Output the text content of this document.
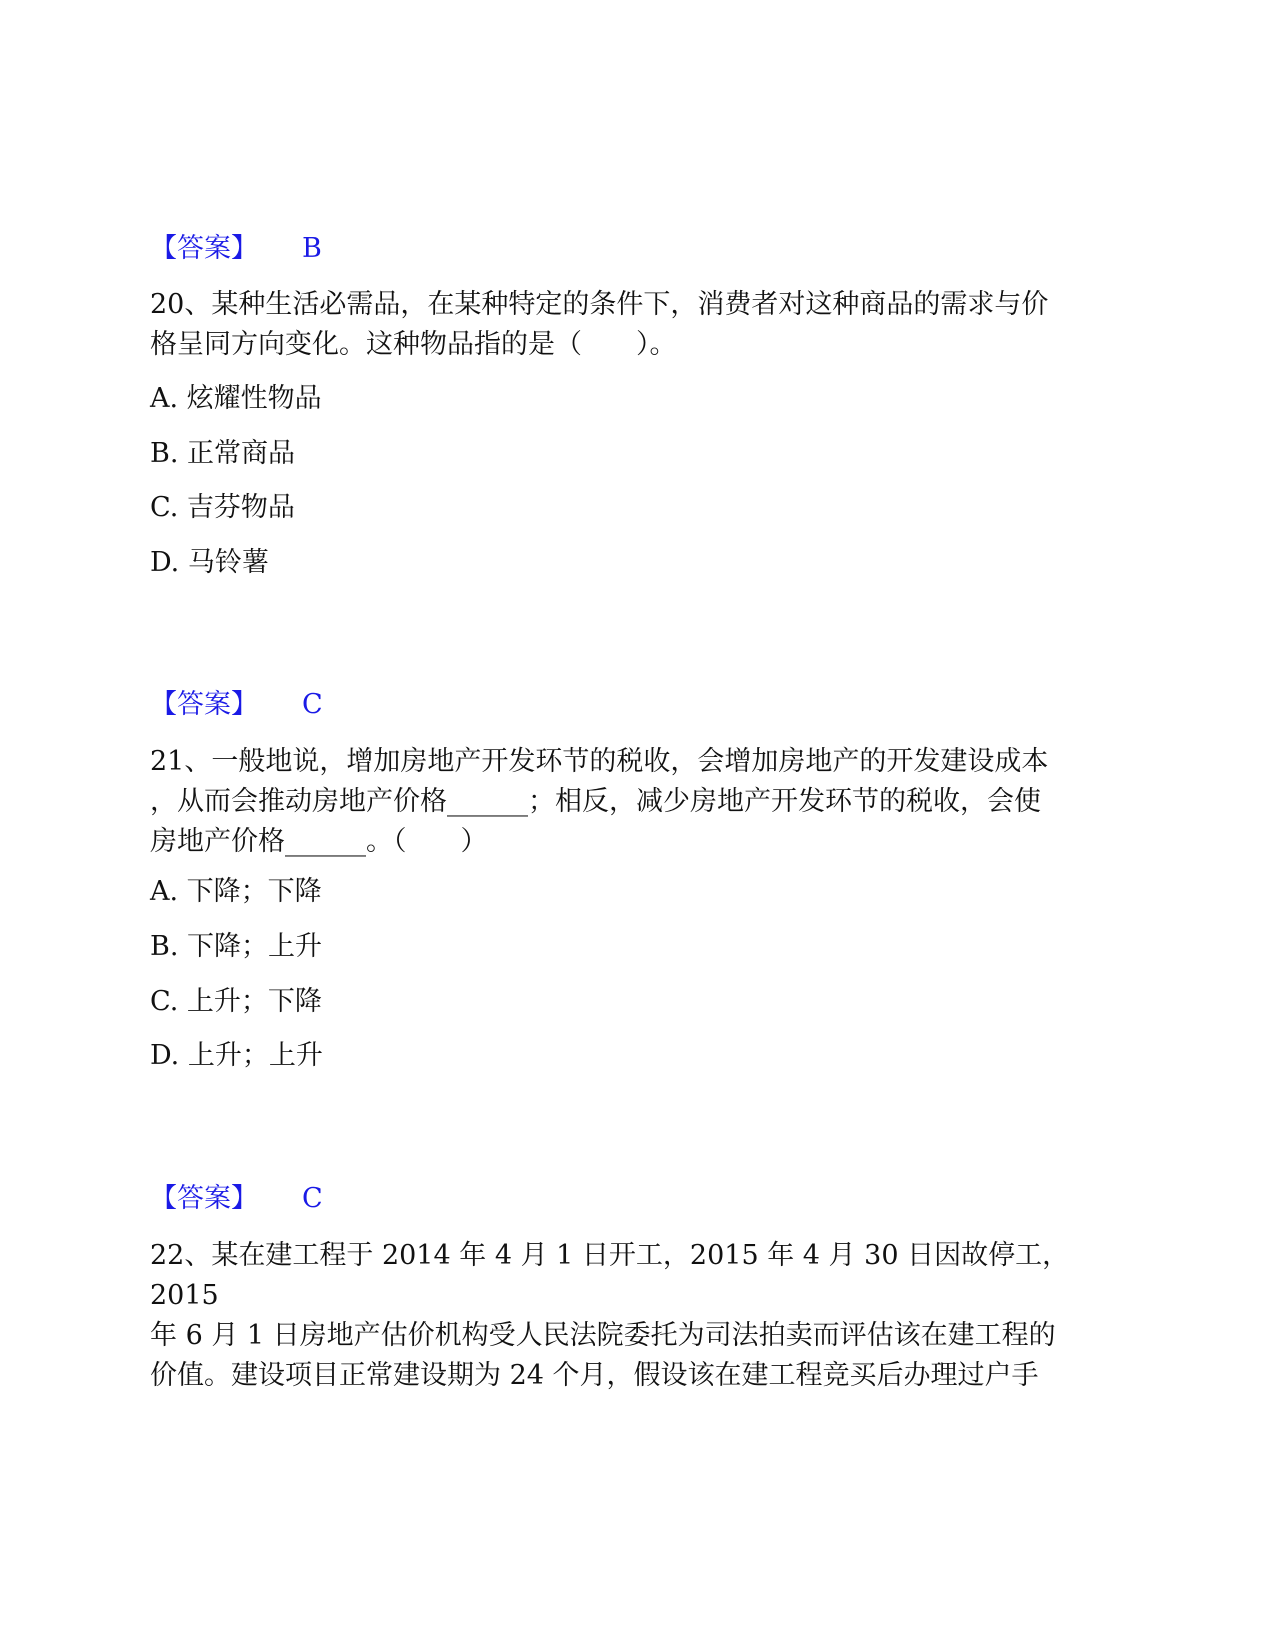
【答案】 B
20、某种生活必需品，在某种特定的条件下，消费者对这种商品的需求与价
格呈同方向变化。这种物品指的是（　　）。
A. 炫耀性物品
B. 正常商品
C. 吉芬物品
D. 马铃薯
【答案】 C
21、一般地说，增加房地产开发环节的税收，会增加房地产的开发建设成本
，从而会推动房地产价格______；相反，减少房地产开发环节的税收，会使
房地产价格______。（　　）
A. 下降；下降
B. 下降；上升
C. 上升；下降
D. 上升；上升
【答案】 C
22、某在建工程于 2014 年 4 月 1 日开工，2015 年 4 月 30 日因故停工，2015
年 6 月 1 日房地产估价机构受人民法院委托为司法拍卖而评估该在建工程的
价值。建设项目正常建设期为 24 个月，假设该在建工程竞买后办理过户手
